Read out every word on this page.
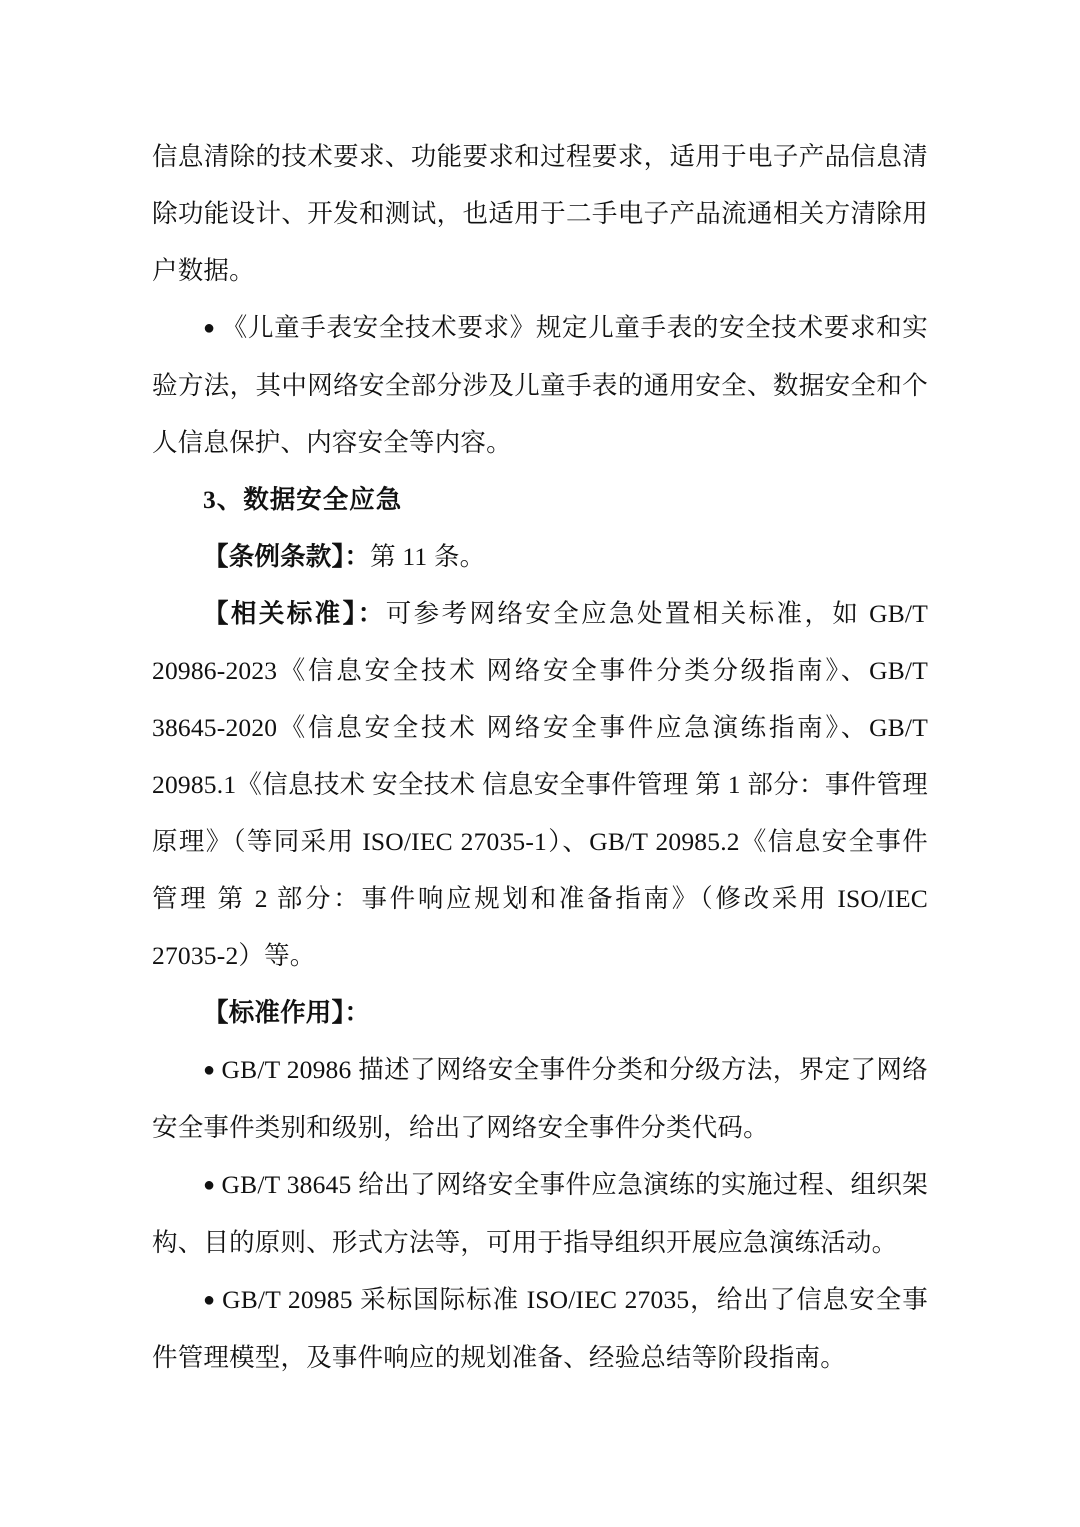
信息清除的技术要求、功能要求和过程要求，适用于电子产品信息清除功能设计、开发和测试，也适用于二手电子产品流通相关方清除用户数据。

● 《儿童手表安全技术要求》规定儿童手表的安全技术要求和实验方法，其中网络安全部分涉及儿童手表的通用安全、数据安全和个人信息保护、内容安全等内容。

3、数据安全应急

【条例条款】：第 11 条。

【相关标准】：可参考网络安全应急处置相关标准，如 GB/T 20986-2023《信息安全技术 网络安全事件分类分级指南》、GB/T 38645-2020《信息安全技术 网络安全事件应急演练指南》、GB/T 20985.1《信息技术 安全技术 信息安全事件管理 第 1 部分：事件管理原理》（等同采用 ISO/IEC 27035-1）、GB/T 20985.2《信息安全事件管理 第 2 部分：事件响应规划和准备指南》（修改采用 ISO/IEC 27035-2）等。

【标准作用】：

● GB/T 20986 描述了网络安全事件分类和分级方法，界定了网络安全事件类别和级别，给出了网络安全事件分类代码。

● GB/T 38645 给出了网络安全事件应急演练的实施过程、组织架构、目的原则、形式方法等，可用于指导组织开展应急演练活动。

● GB/T 20985 采标国际标准 ISO/IEC 27035，给出了信息安全事件管理模型，及事件响应的规划准备、经验总结等阶段指南。
